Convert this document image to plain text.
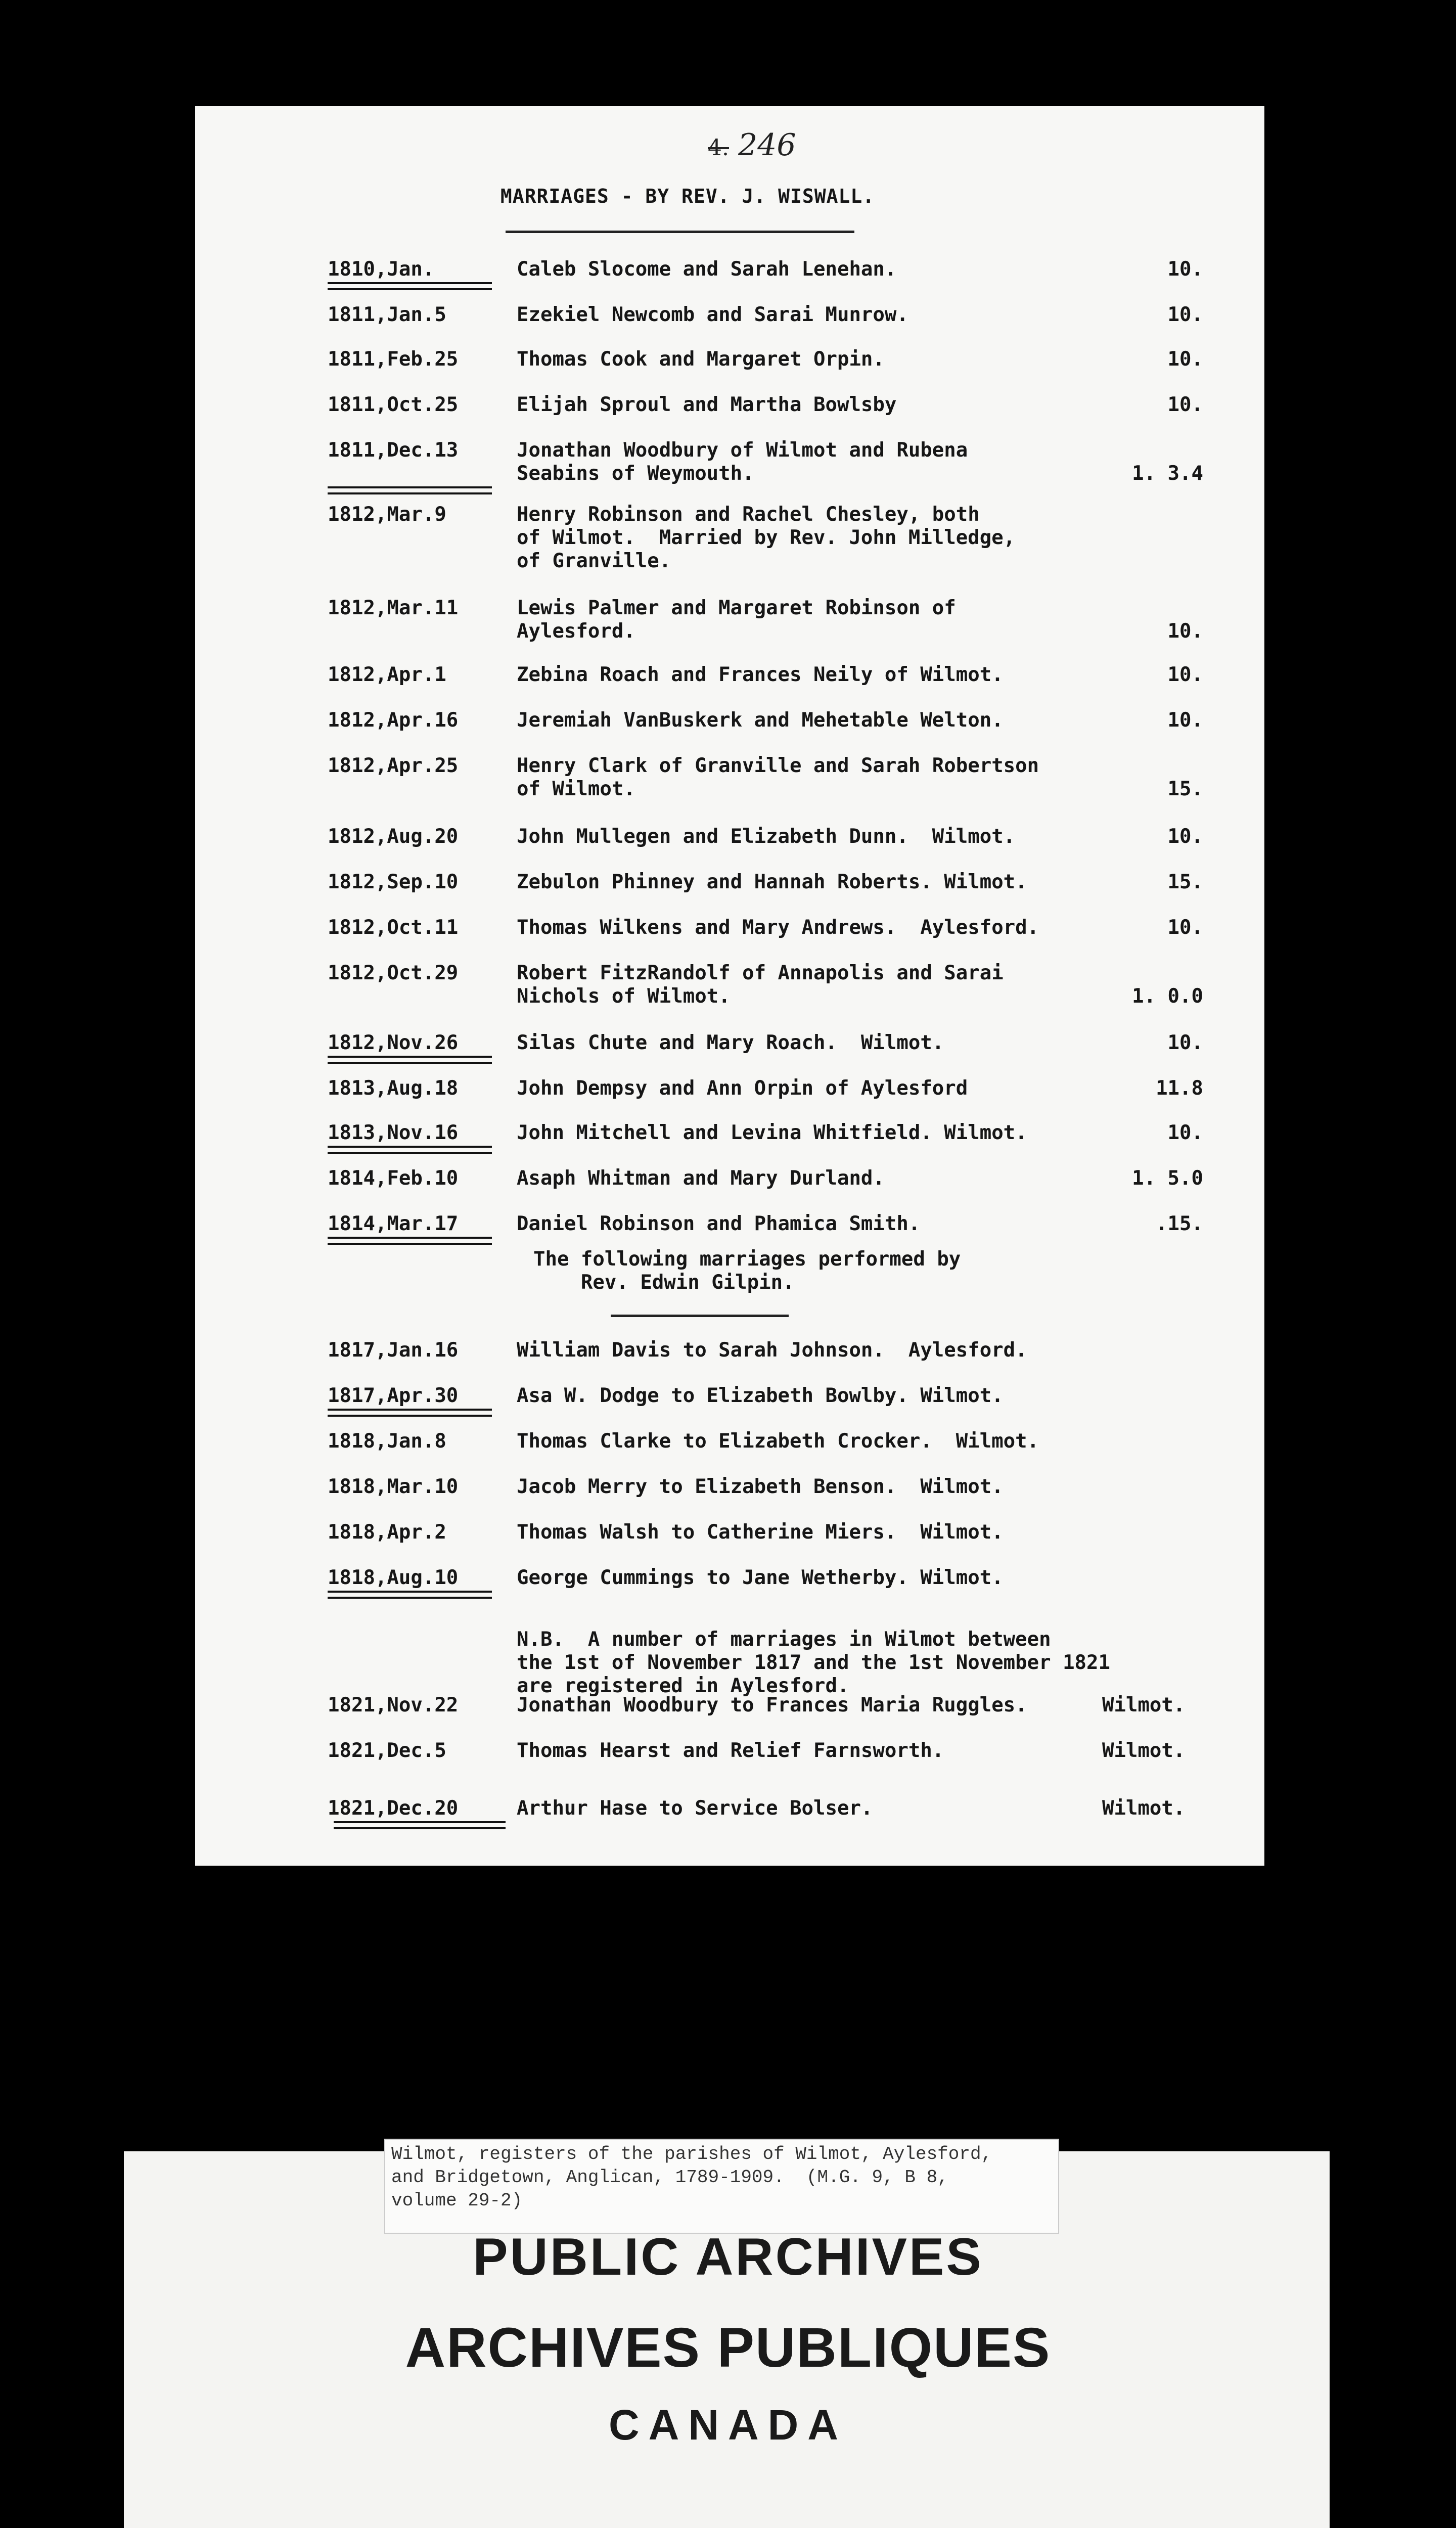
4. 246
MARRIAGES - BY REV. J. WISWALL.
1810,Jan.	Caleb Slocome and Sarah Lenehan.	10.
1811,Jan.5	Ezekiel Newcomb and Sarai Munrow.	10.
1811,Feb.25	Thomas Cook and Margaret Orpin.	10.
1811,Oct.25	Elijah Sproul and Martha Bowlsby	10.
1811,Dec.13	Jonathan Woodbury of Wilmot and Rubena
Seabins of Weymouth.	1. 3.4
1812,Mar.9	Henry Robinson and Rachel Chesley, both
of Wilmot.  Married by Rev. John Milledge,
of Granville.
1812,Mar.11	Lewis Palmer and Margaret Robinson of
Aylesford.	10.
1812,Apr.1	Zebina Roach and Frances Neily of Wilmot.	10.
1812,Apr.16	Jeremiah VanBuskerk and Mehetable Welton.	10.
1812,Apr.25	Henry Clark of Granville and Sarah Robertson
of Wilmot.	15.
1812,Aug.20	John Mullegen and Elizabeth Dunn.  Wilmot.	10.
1812,Sep.10	Zebulon Phinney and Hannah Roberts. Wilmot.	15.
1812,Oct.11	Thomas Wilkens and Mary Andrews.  Aylesford.	10.
1812,Oct.29	Robert FitzRandolf of Annapolis and Sarai
Nichols of Wilmot.	1. 0.0
1812,Nov.26	Silas Chute and Mary Roach.  Wilmot.	10.
1813,Aug.18	John Dempsy and Ann Orpin of Aylesford	11.8
1813,Nov.16	John Mitchell and Levina Whitfield. Wilmot.	10.
1814,Feb.10	Asaph Whitman and Mary Durland.	1. 5.0
1814,Mar.17	Daniel Robinson and Phamica Smith.	.15.
1817,Jan.16	William Davis to Sarah Johnson.  Aylesford.
1817,Apr.30	Asa W. Dodge to Elizabeth Bowlby. Wilmot.
1818,Jan.8	Thomas Clarke to Elizabeth Crocker.  Wilmot.
1818,Mar.10	Jacob Merry to Elizabeth Benson.  Wilmot.
1818,Apr.2	Thomas Walsh to Catherine Miers.  Wilmot.
1818,Aug.10	George Cummings to Jane Wetherby. Wilmot.
1821,Nov.22	Jonathan Woodbury to Frances Maria Ruggles.	Wilmot.
1821,Dec.5	Thomas Hearst and Relief Farnsworth.	Wilmot.
1821,Dec.20	Arthur Hase to Service Bolser.	Wilmot.
The following marriages performed by
Rev. Edwin Gilpin.
N.B.  A number of marriages in Wilmot between
the 1st of November 1817 and the 1st November 1821
are registered in Aylesford.
Wilmot, registers of the parishes of Wilmot, Aylesford,
and Bridgetown, Anglican, 1789-1909.  (M.G. 9, B 8,
volume 29-2)
PUBLIC ARCHIVES
ARCHIVES PUBLIQUES
CANADA
